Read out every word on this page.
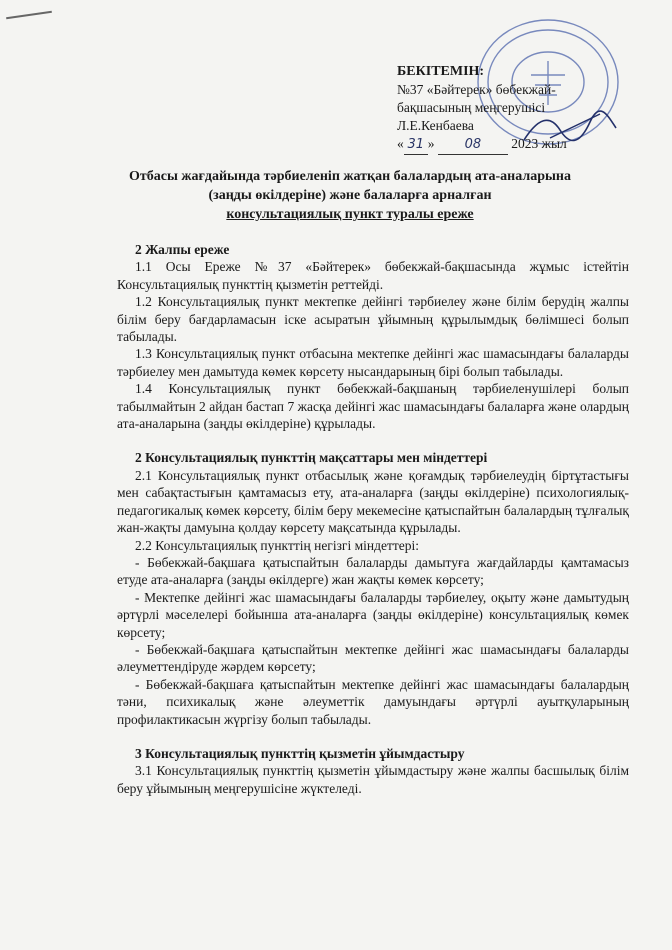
БЕКІТЕМІН:
№37 «Бәйтерек» бөбекжай-
бақшасының меңгерушісі
Л.Е.Кенбаева
« 31 » 08 2023 жыл
Отбасы жағдайында тәрбиеленіп жатқан балалардың ата-аналарына
(заңды өкілдеріне) және балаларға арналған
консультациялық пункт туралы ереже

2 Жалпы ереже

1.1 Осы Ереже №37 «Бәйтерек» бөбекжай-бақшасында жұмыс істейтін Консультациялық пункттің қызметін реттейді.

1.2 Консультациялық пункт мектепке дейінгі тәрбиелеу және білім берудің жалпы білім беру бағдарламасын іске асыратын ұйымның құрылымдық бөлімшесі болып табылады.

1.3 Консультациялық пункт отбасына мектепке дейінгі жас шамасындағы балаларды тәрбиелеу мен дамытуда көмек көрсету нысандарының бірі болып табылады.

1.4 Консультациялық пункт бөбекжай-бақшаның тәрбиеленушілері болып табылмайтын 2 айдан бастап 7 жасқа дейінгі жас шамасындағы балаларға және олардың ата-аналарына (заңды өкілдеріне) құрылады.

2 Консультациялық пункттің мақсаттары мен міндеттері

2.1 Консультациялық пункт отбасылық және қоғамдық тәрбиелеудің біртұтастығы мен сабақтастығын қамтамасыз ету, ата-аналарға (заңды өкілдеріне) психологиялық-педагогикалық көмек көрсету, білім беру мекемесіне қатыспайтын балалардың тұлғалық жан-жақты дамуына қолдау көрсету мақсатында құрылады.

2.2 Консультациялық пункттің негізгі міндеттері:

- Бөбекжай-бақшаға қатыспайтын балаларды дамытуға жағдайларды қамтамасыз етуде ата-аналарға (заңды өкілдерге) жан жақты көмек көрсету;

- Мектепке дейінгі жас шамасындағы балаларды тәрбиелеу, оқыту және дамытудың әртүрлі мәселелері бойынша ата-аналарға (заңды өкілдеріне) консультациялық көмек көрсету;

- Бөбекжай-бақшаға қатыспайтын мектепке дейінгі жас шамасындағы балаларды әлеуметтендіруде жәрдем көрсету;

- Бөбекжай-бақшаға қатыспайтын мектепке дейінгі жас шамасындағы балалардың тәни, психикалық және әлеуметтік дамуындағы әртүрлі ауытқуларының профилактикасын жүргізу болып табылады.

3 Консультациялық пункттің қызметін ұйымдастыру

3.1 Консультациялық пункттің қызметін ұйымдастыру және жалпы басшылық білім беру ұйымының меңгерушісіне жүктеледі.
